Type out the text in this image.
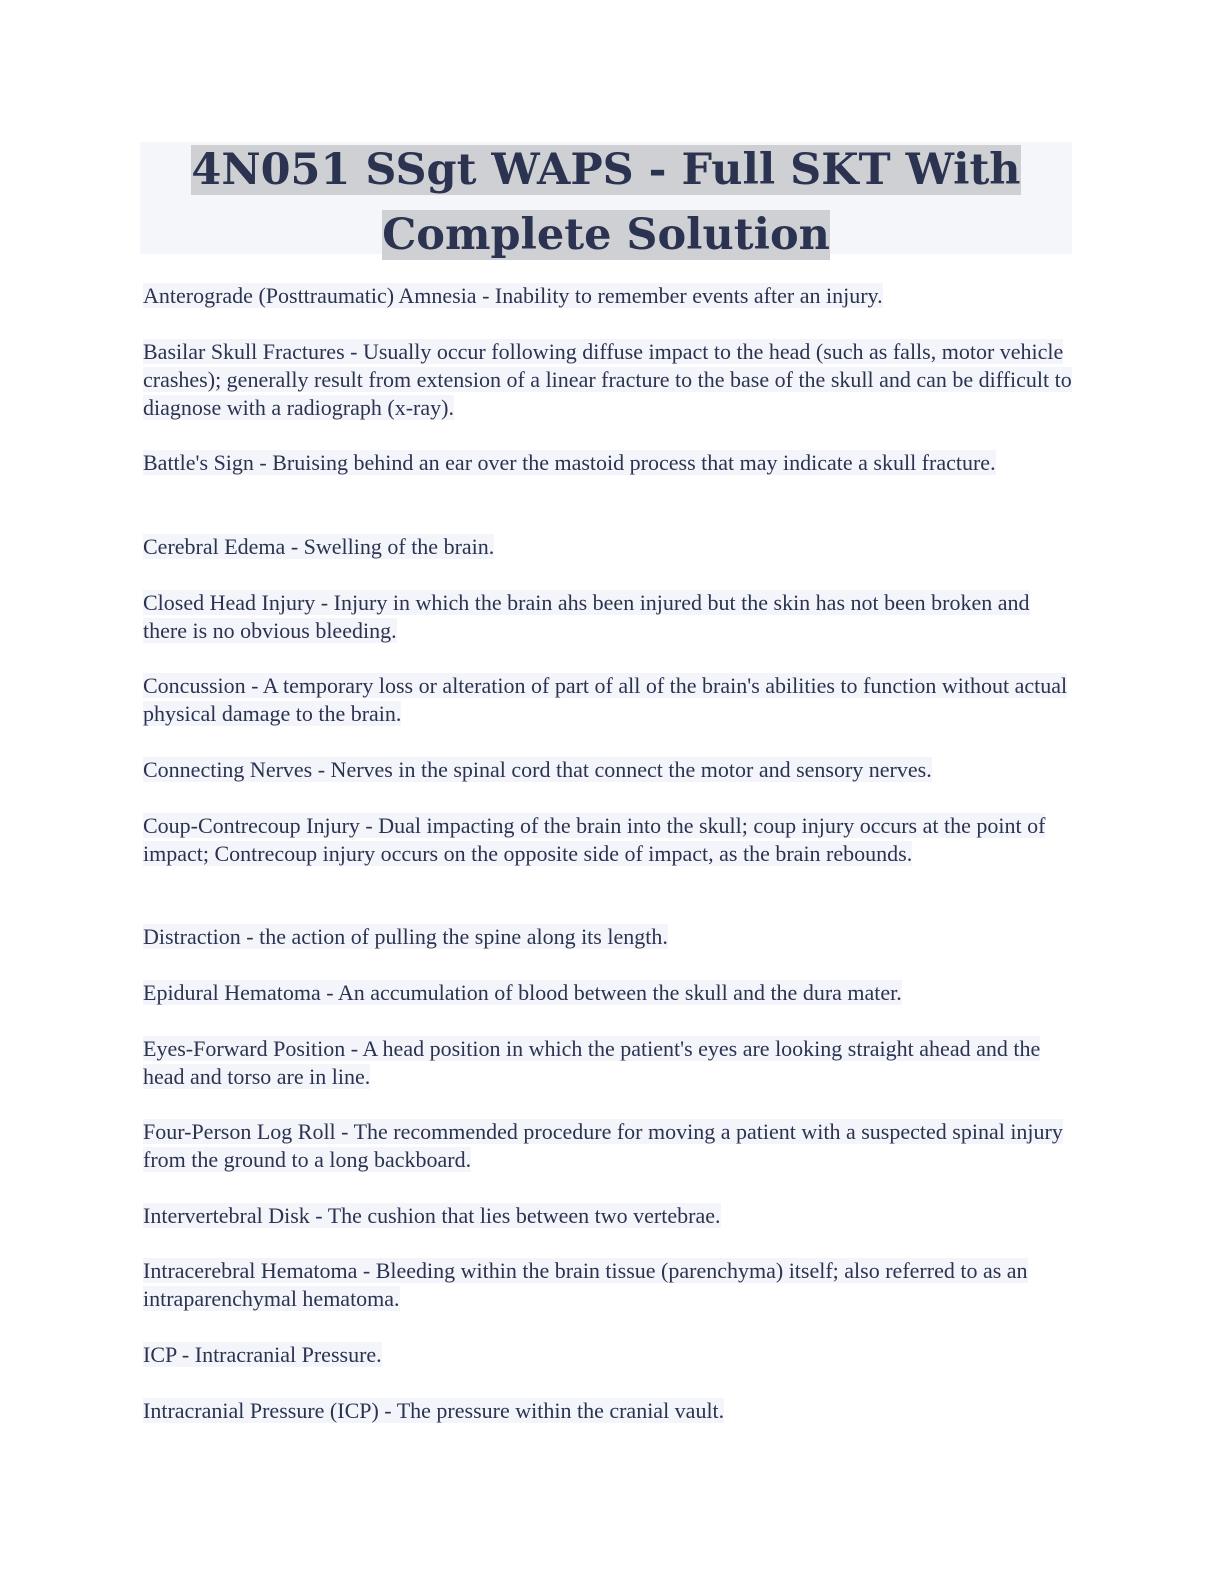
4N051 SSgt WAPS - Full SKT With
Complete Solution

Anterograde (Posttraumatic) Amnesia - Inability to remember events after an injury.

Basilar Skull Fractures - Usually occur following diffuse impact to the head (such as falls, motor vehicle crashes); generally result from extension of a linear fracture to the base of the skull and can be difficult to diagnose with a radiograph (x-ray).

Battle's Sign - Bruising behind an ear over the mastoid process that may indicate a skull fracture.

Cerebral Edema - Swelling of the brain.

Closed Head Injury - Injury in which the brain ahs been injured but the skin has not been broken and there is no obvious bleeding.

Concussion - A temporary loss or alteration of part of all of the brain's abilities to function without actual physical damage to the brain.

Connecting Nerves - Nerves in the spinal cord that connect the motor and sensory nerves.

Coup-Contrecoup Injury - Dual impacting of the brain into the skull; coup injury occurs at the point of impact; Contrecoup injury occurs on the opposite side of impact, as the brain rebounds.

Distraction - the action of pulling the spine along its length.

Epidural Hematoma - An accumulation of blood between the skull and the dura mater.

Eyes-Forward Position - A head position in which the patient's eyes are looking straight ahead and the head and torso are in line.

Four-Person Log Roll - The recommended procedure for moving a patient with a suspected spinal injury from the ground to a long backboard.

Intervertebral Disk - The cushion that lies between two vertebrae.

Intracerebral Hematoma - Bleeding within the brain tissue (parenchyma) itself; also referred to as an intraparenchymal hematoma.

ICP - Intracranial Pressure.

Intracranial Pressure (ICP) - The pressure within the cranial vault.
